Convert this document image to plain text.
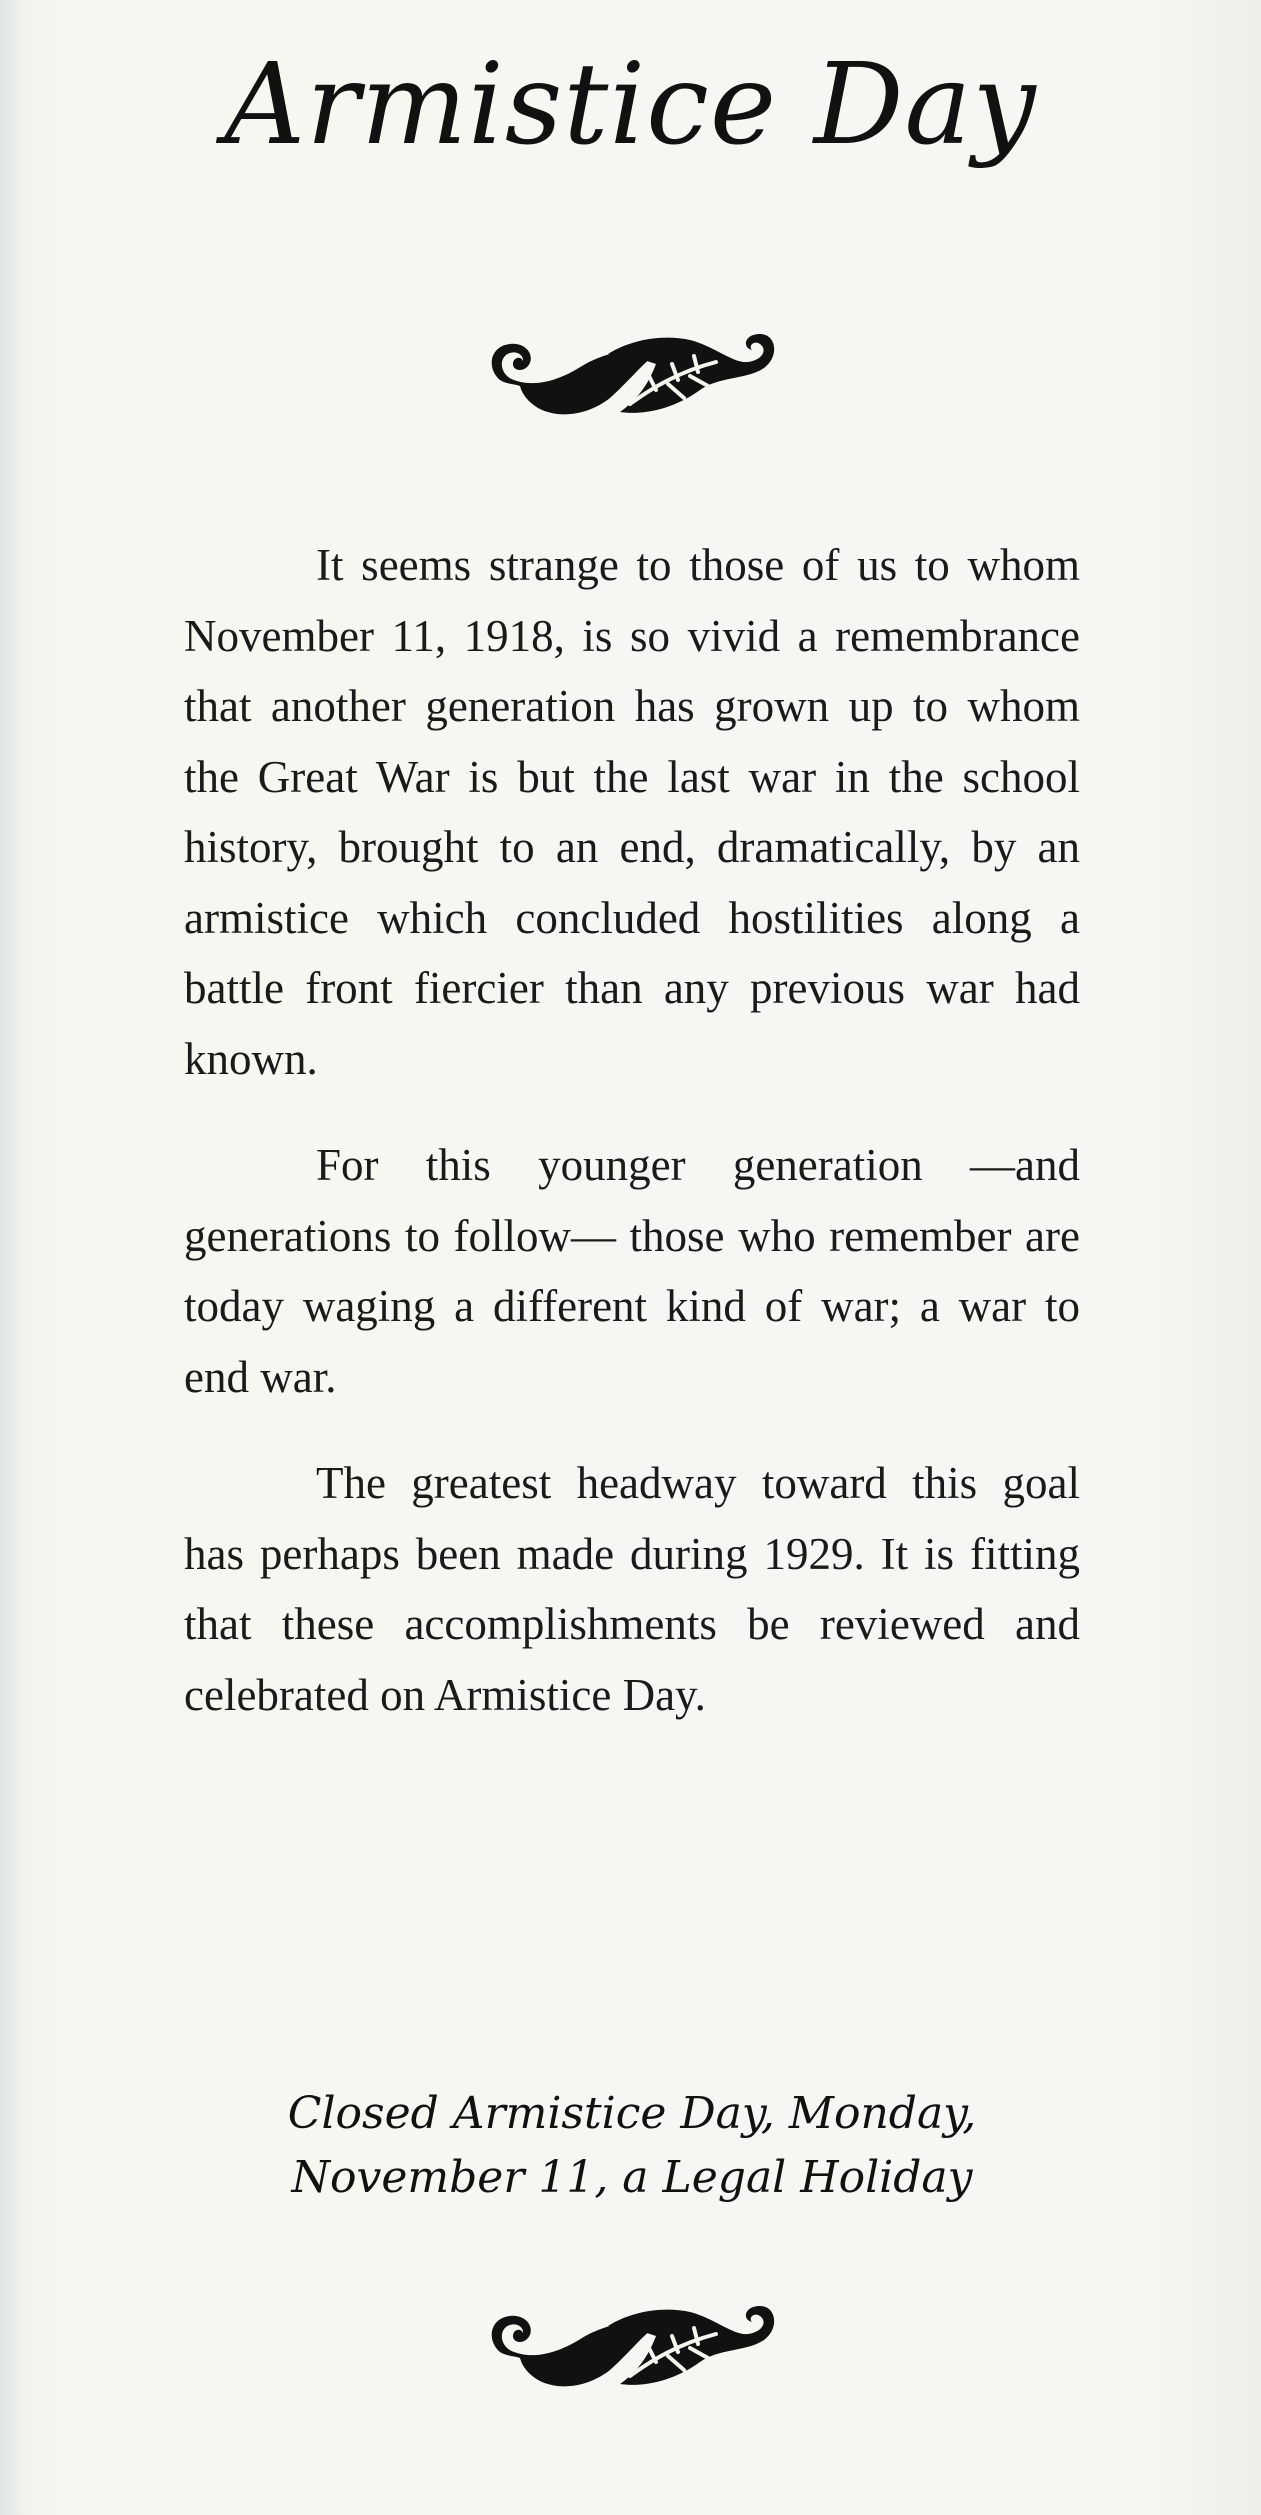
Armistice Day

It seems strange to those of us to whom November 11, 1918, is so vivid a remembrance that another generation has grown up to whom the Great War is but the last war in the school history, brought to an end, dramatically, by an armistice which concluded hostilities along a battle front fiercier than any previous war had known.

For this younger generation —and generations to follow— those who remember are today waging a different kind of war; a war to end war.

The greatest headway toward this goal has perhaps been made during 1929. It is fitting that these accomplishments be reviewed and celebrated on Armistice Day.

Closed Armistice Day, Monday,
November 11, a Legal Holiday
